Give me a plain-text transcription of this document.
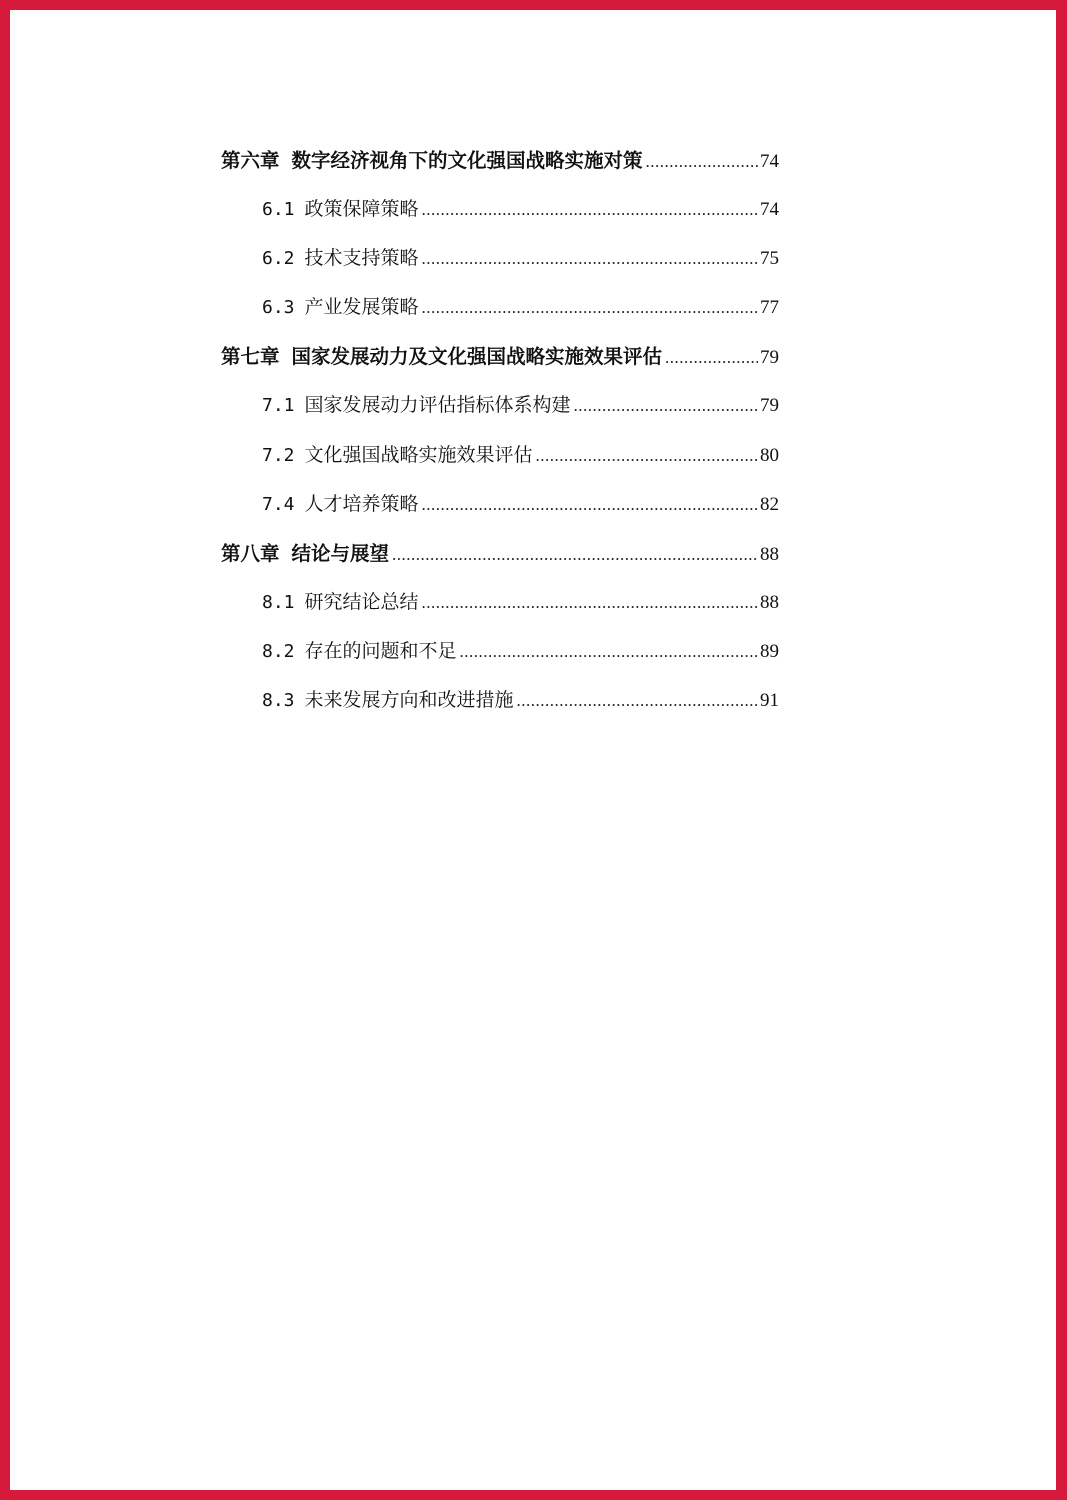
第六章 数字经济视角下的文化强国战略实施对策 .....	74
6.1 政策保障策略 .....	74
6.2 技术支持策略 .....	75
6.3 产业发展策略 .....	77
第七章 国家发展动力及文化强国战略实施效果评估 .....	79
7.1 国家发展动力评估指标体系构建 .....	79
7.2 文化强国战略实施效果评估 .....	80
7.4 人才培养策略 .....	82
第八章 结论与展望 .....	88
8.1 研究结论总结 .....	88
8.2 存在的问题和不足 .....	89
8.3 未来发展方向和改进措施 .....	91
